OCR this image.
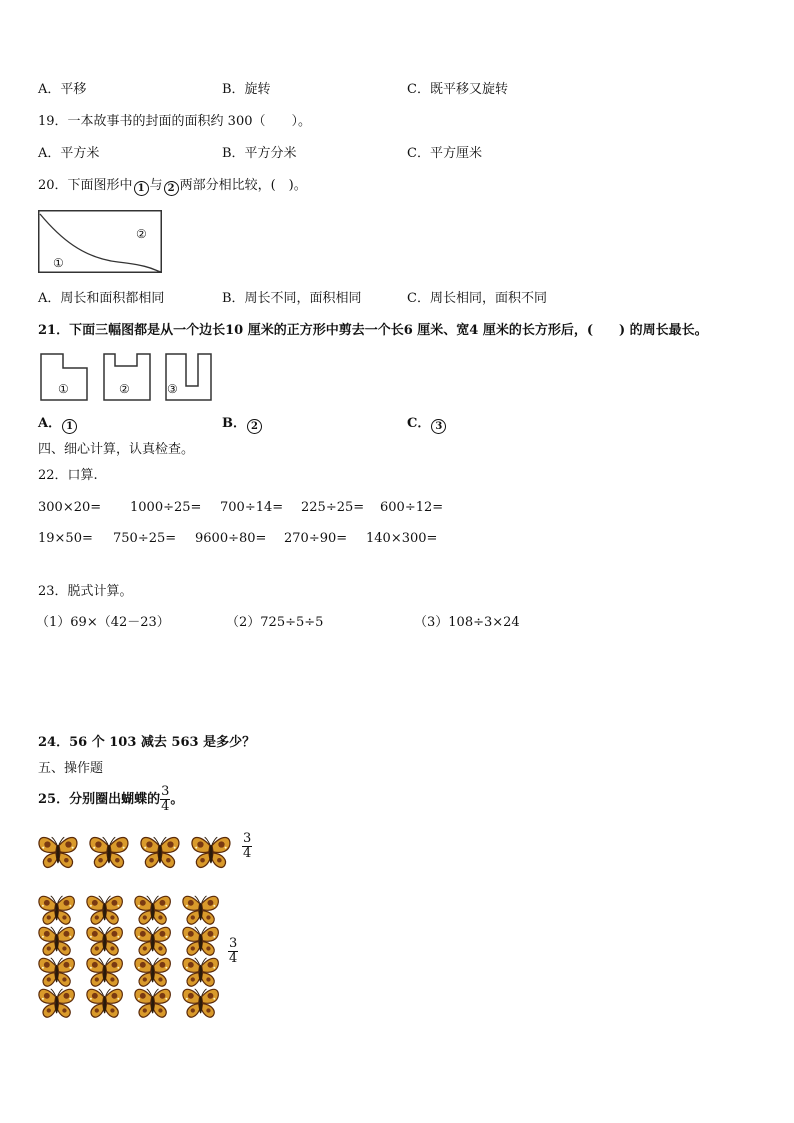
A．平移	B．旋转	C．既平移又旋转
19．一本故事书的封面的面积约 300（　　）。
A．平方米	B．平方分米	C．平方厘米
20．下面图形中 1 与 2 两部分相比较，(　)。
②
①
A．周长和面积都相同	B．周长不同，面积相同	C．周长相同，面积不同
21．下面三幅图都是从一个边长10 厘米的正方形中剪去一个长6 厘米、宽4 厘米的长方形后，(　　) 的周长最长。
①	②	③
A． 1	B． 2	C． 3
四、细心计算，认真检查。
22．口算.
300×20= 1000÷25= 700÷14= 225÷25= 600÷12=
19×50= 750÷25= 9600÷80= 270÷90= 140×300=
23．脱式计算。
（1）69×（42－23）	（2）725÷5÷5	（3）108÷3×24
24．56 个 103 减去 563 是多少？
五、操作题
25．分别圈出蝴蝶的 $\frac{3}{4}$ 。
$\frac{3}{4}$
$\frac{3}{4}$
